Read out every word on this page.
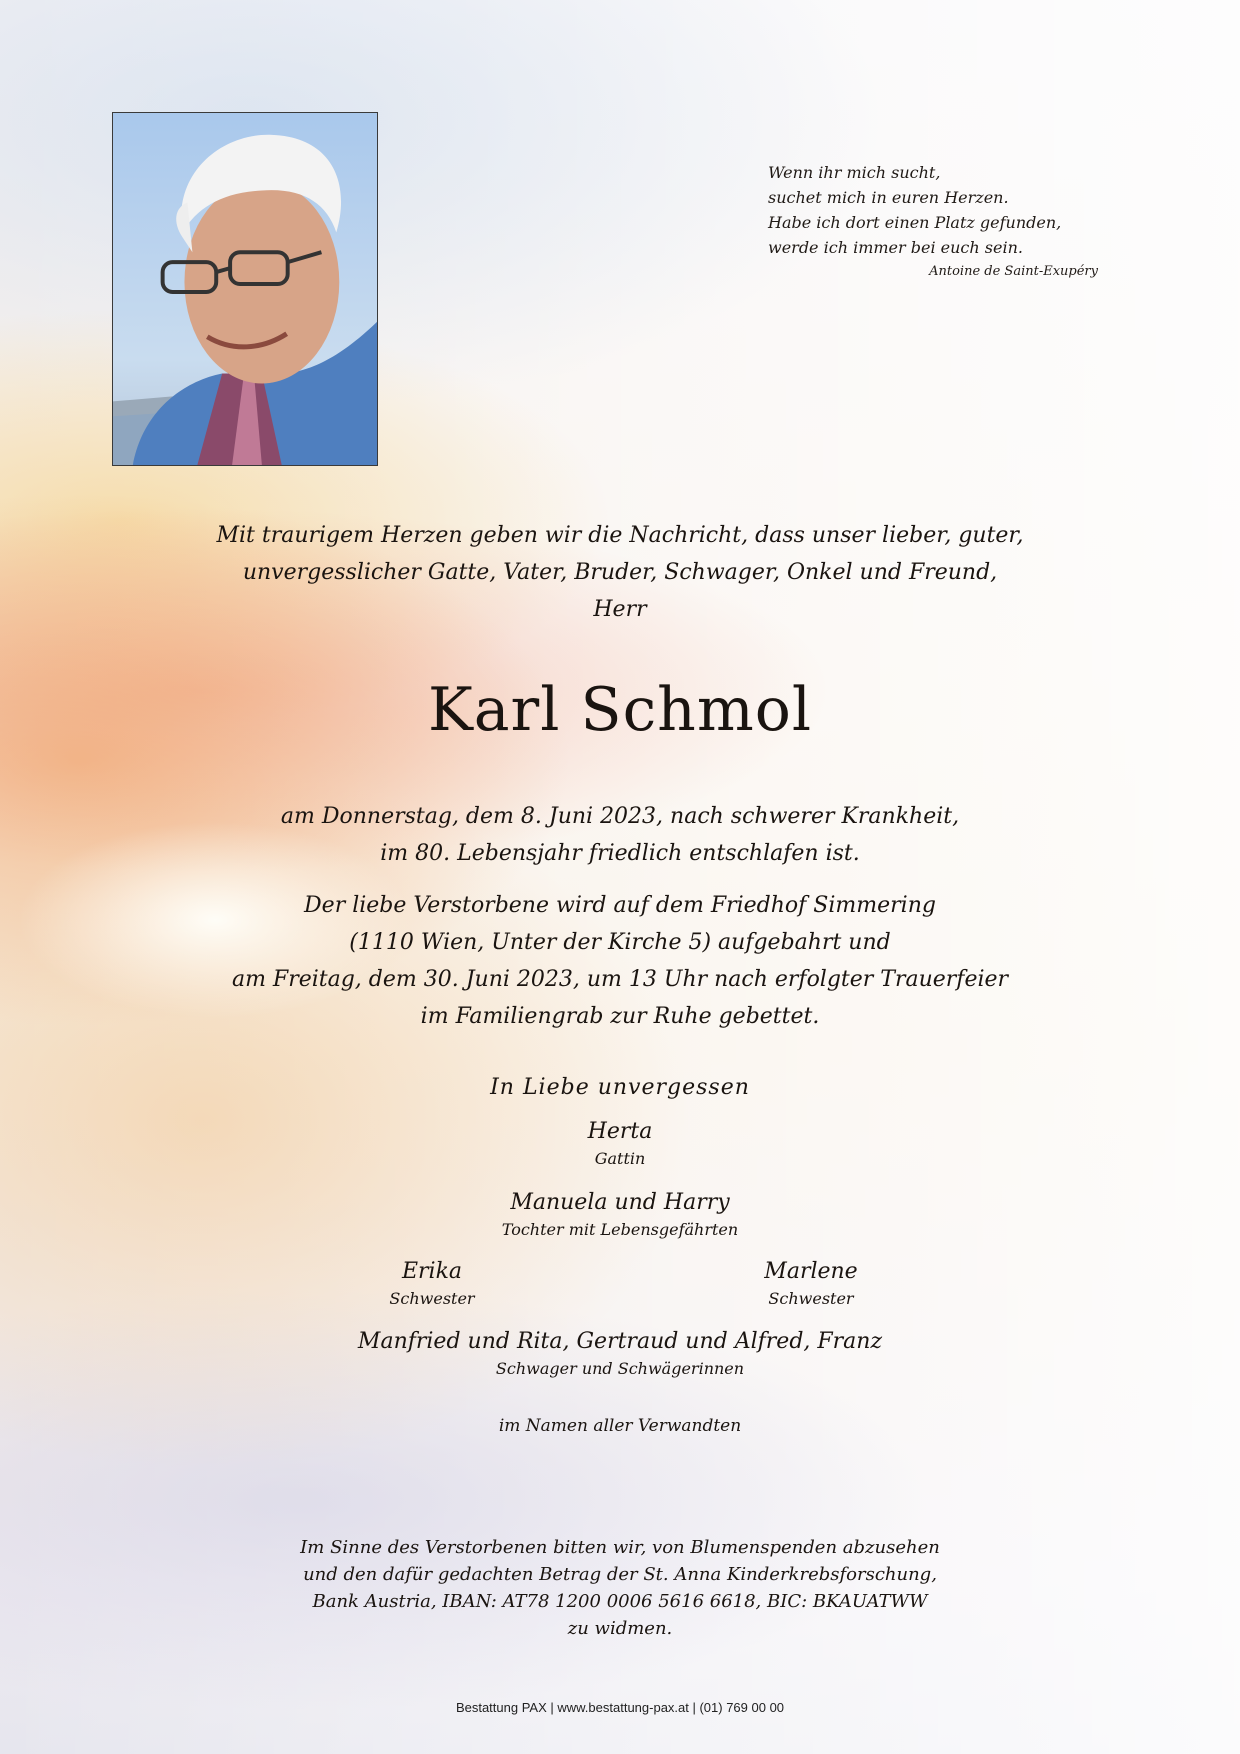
Wenn ihr mich sucht,
suchet mich in euren Herzen.
Habe ich dort einen Platz gefunden,
werde ich immer bei euch sein.
Antoine de Saint-Exupéry
Mit traurigem Herzen geben wir die Nachricht, dass unser lieber, guter,
unvergesslicher Gatte, Vater, Bruder, Schwager, Onkel und Freund,
Herr
Karl Schmol
am Donnerstag, dem 8. Juni 2023, nach schwerer Krankheit,
im 80. Lebensjahr friedlich entschlafen ist.
Der liebe Verstorbene wird auf dem Friedhof Simmering
(1110 Wien, Unter der Kirche 5) aufgebahrt und
am Freitag, dem 30. Juni 2023, um 13 Uhr nach erfolgter Trauerfeier
im Familiengrab zur Ruhe gebettet.
In Liebe unvergessen
Herta
Gattin
Manuela und Harry
Tochter mit Lebensgefährten
Erika
Schwester
Marlene
Schwester
Manfried und Rita, Gertraud und Alfred, Franz
Schwager und Schwägerinnen
im Namen aller Verwandten
Im Sinne des Verstorbenen bitten wir, von Blumenspenden abzusehen
und den dafür gedachten Betrag der St. Anna Kinderkrebsforschung,
Bank Austria, IBAN: AT78 1200 0006 5616 6618, BIC: BKAUATWW
zu widmen.
Bestattung PAX | www.bestattung-pax.at | (01) 769 00 00
